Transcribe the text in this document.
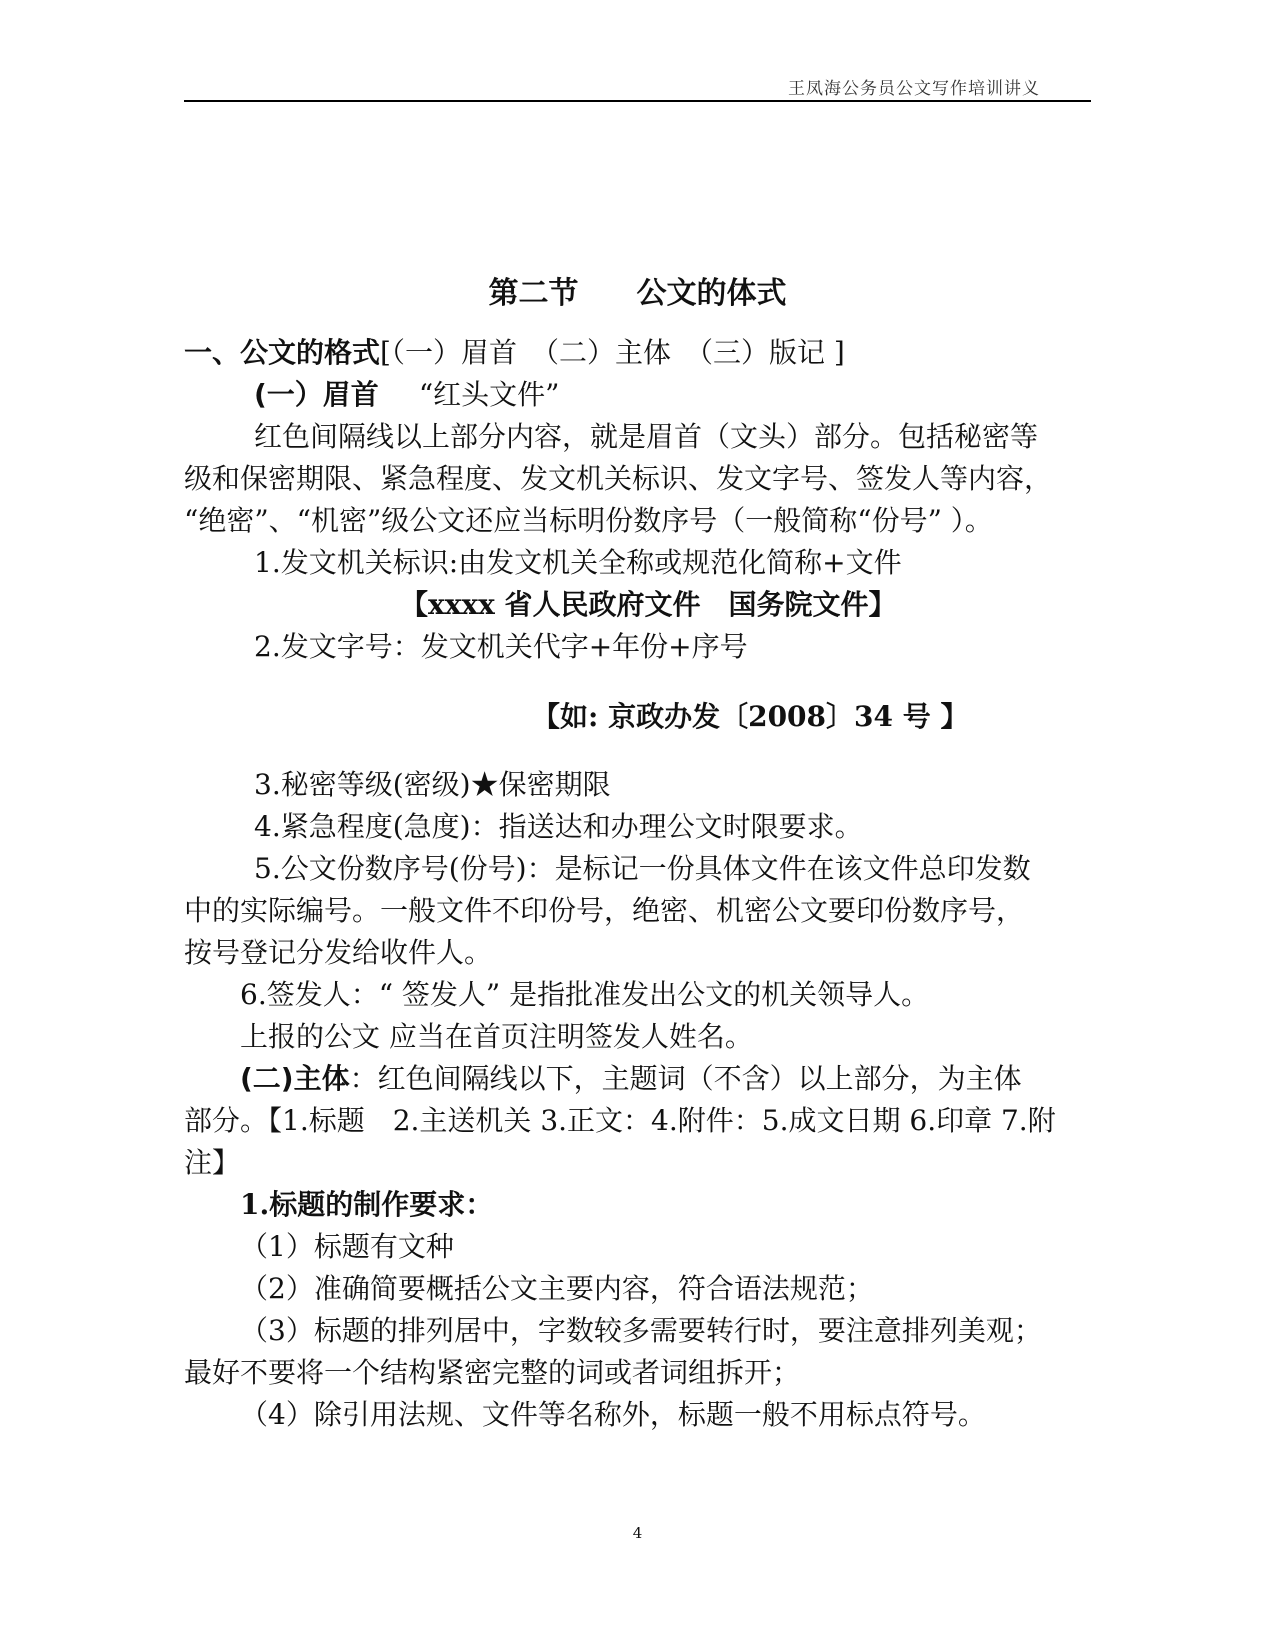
王凤海公务员公文写作培训讲义
第二节 公文的体式
一、公文的格式[（一）眉首　（二）主体　（三）版记 ]
(一）眉首 “红头文件”
红色间隔线以上部分内容，就是眉首（文头）部分。包括秘密等
级和保密期限、紧急程度、发文机关标识、发文字号、签发人等内容，
“绝密”、“机密”级公文还应当标明份数序号（一般简称“份号” ）。
1.发文机关标识:由发文机关全称或规范化简称+文件
【xxxx 省人民政府文件　国务院文件】
2.发文字号：发文机关代字+年份+序号
【如: 京政办发〔2008〕34 号 】
3.秘密等级(密级)★保密期限
4.紧急程度(急度)：指送达和办理公文时限要求。
5.公文份数序号(份号)：是标记一份具体文件在该文件总印发数
中的实际编号。一般文件不印份号，绝密、机密公文要印份数序号，
按号登记分发给收件人。
6.签发人：“ 签发人” 是指批准发出公文的机关领导人。
上报的公文 应当在首页注明签发人姓名。
(二)主体：红色间隔线以下，主题词（不含）以上部分，为主体
部分。【1.标题　2.主送机关 3.正文：4.附件：5.成文日期 6.印章 7.附
注】
1.标题的制作要求：
（1）标题有文种
（2）准确简要概括公文主要内容，符合语法规范；
（3）标题的排列居中，字数较多需要转行时，要注意排列美观；
最好不要将一个结构紧密完整的词或者词组拆开；
（4）除引用法规、文件等名称外，标题一般不用标点符号。
4
